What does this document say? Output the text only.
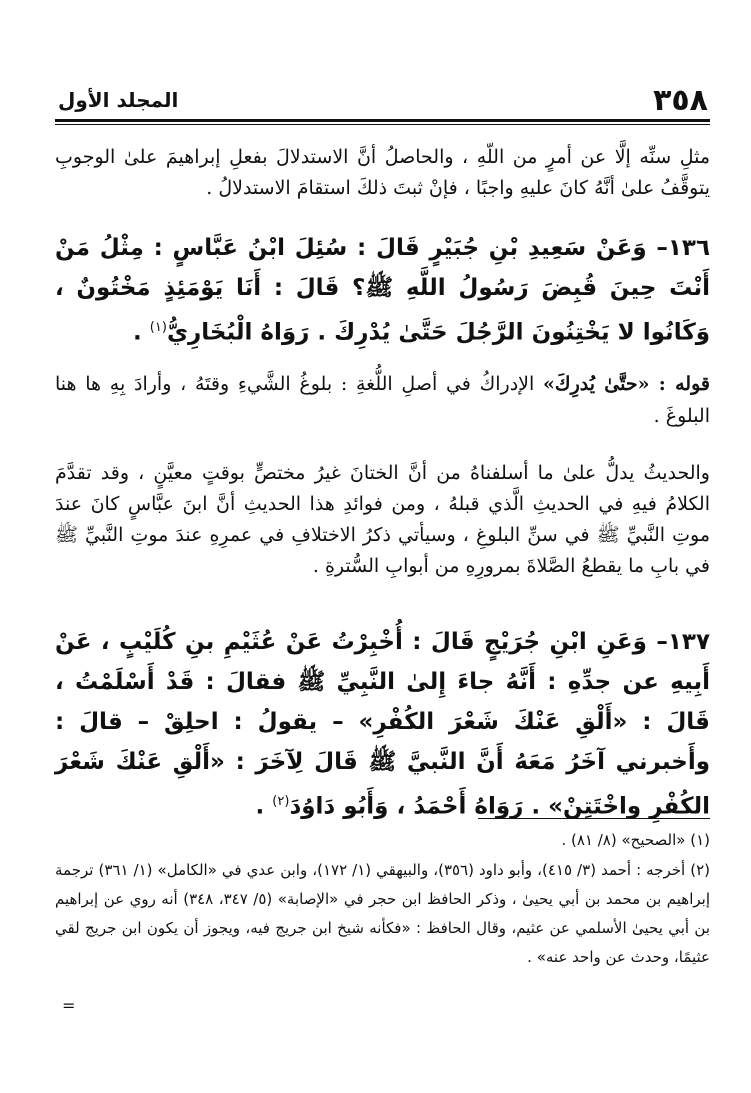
٣٥٨
المجلد الأول

مثلِ سنِّه إلَّا عن أمرٍ من اللّهِ ، والحاصلُ أنَّ الاستدلالَ بفعلِ إبراهيمَ علىٰ الوجوبِ يتوقَّفُ علىٰ أنَّهُ كانَ عليهِ واجبًا ، فإنْ ثبتَ ذلكَ استقامَ الاستدلالُ .

١٣٦– وَعَنْ سَعِيدِ بْنِ جُبَيْرٍ قَالَ : سُئِلَ ابْنُ عَبَّاسٍ : مِثْلُ مَنْ أَنْتَ حِينَ قُبِضَ رَسُولُ اللَّهِ ﷺ؟ قَالَ : أَنَا يَوْمَئِذٍ مَخْتُونٌ ، وَكَانُوا لا يَخْتِنُونَ الرَّجُلَ حَتَّىٰ يُدْرِكَ . رَوَاهُ الْبُخَارِيُّ$^{(١)}$ .

قوله : «حتَّىٰ يُدرِكَ» الإدراكُ في أصلِ اللُّغةِ : بلوغُ الشَّيءِ وقتَهُ ، وأرادَ بِهِ ها هنا البلوغَ .

والحديثُ يدلُّ علىٰ ما أسلفناهُ من أنَّ الختانَ غيرُ مختصٍّ بوقتٍ معيَّنٍ ، وقد تقدَّمَ الكلامُ فيهِ في الحديثِ الَّذي قبلهُ ، ومن فوائدِ هذا الحديثِ أنَّ ابنَ عبَّاسٍ كانَ عندَ موتِ النَّبيِّ ﷺ في سنِّ البلوغِ ، وسيأتي ذكرُ الاختلافِ في عمرِهِ عندَ موتِ النَّبيِّ ﷺ في بابِ ما يقطعُ الصَّلاةَ بمرورِهِ من أبوابِ السُّترةِ .

١٣٧– وَعَنِ ابْنِ جُرَيْجٍ قَالَ : أُخْبِرْتُ عَنْ عُثَيْمِ بنِ كُلَيْبٍ ، عَنْ أَبِيهِ عن جدِّهِ : أَنَّهُ جاءَ إِلىٰ النَّبِيِّ ﷺ فقالَ : قَدْ أَسْلَمْتُ ، قَالَ : «أَلْقِ عَنْكَ شَعْرَ الكُفْرِ» – يقولُ : احلِقْ – قالَ : وأَخبرني آخَرُ مَعَهُ أَنَّ النَّبيَّ ﷺ قَالَ لِآخَرَ : «أَلْقِ عَنْكَ شَعْرَ الكُفْرِ واخْتَتِنْ» . رَوَاهُ أَحْمَدُ ، وَأَبُو دَاوُدَ$^{(٢)}$ .

(١) «الصحيح» (٨/ ٨١) .

(٢) أخرجه : أحمد (٣/ ٤١٥)، وأبو داود (٣٥٦)، والبيهقي (١/ ١٧٢)، وابن عدي في «الكامل» (١/ ٣٦١) ترجمة إبراهيم بن محمد بن أبي يحيىٰ ، وذكر الحافظ ابن حجر في «الإصابة» (٥/ ٣٤٧، ٣٤٨) أنه روي عن إبراهيم بن أبي يحيىٰ الأسلمي عن عثيم، وقال الحافظ : «فكأنه شيخ ابن جريج فيه، ويجوز أن يكون ابن جريج لقي عثيمًا، وحدث عن واحد عنه» .

=
